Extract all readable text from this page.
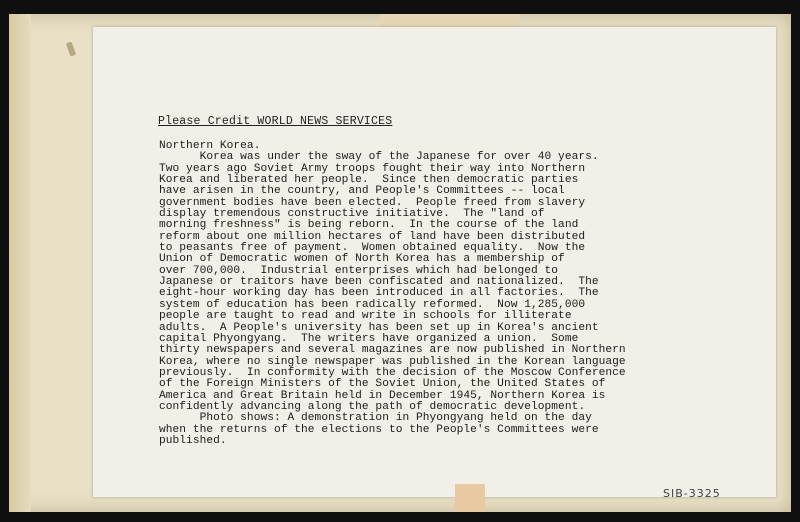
Please Credit WORLD NEWS SERVICES
Northern Korea.
Korea was under the sway of the Japanese for over 40 years.
Two years ago Soviet Army troops fought their way into Northern
Korea and liberated her people.  Since then democratic parties
have arisen in the country, and People's Committees -- local
government bodies have been elected.  People freed from slavery
display tremendous constructive initiative.  The "land of
morning freshness" is being reborn.  In the course of the land
reform about one million hectares of land have been distributed
to peasants free of payment.  Women obtained equality.  Now the
Union of Democratic women of North Korea has a membership of
over 700,000.  Industrial enterprises which had belonged to
Japanese or traitors have been confiscated and nationalized.  The
eight-hour working day has been introduced in all factories.  The
system of education has been radically reformed.  Now 1,285,000
people are taught to read and write in schools for illiterate
adults.  A People's university has been set up in Korea's ancient
capital Phyongyang.  The writers have organized a union.  Some
thirty newspapers and several magazines are now published in Northern
Korea, where no single newspaper was published in the Korean language
previously.  In conformity with the decision of the Moscow Conference
of the Foreign Ministers of the Soviet Union, the United States of
America and Great Britain held in December 1945, Northern Korea is
confidently advancing along the path of democratic development.
Photo shows: A demonstration in Phyongyang held on the day
when the returns of the elections to the People's Committees were
published.
SIB-3325
